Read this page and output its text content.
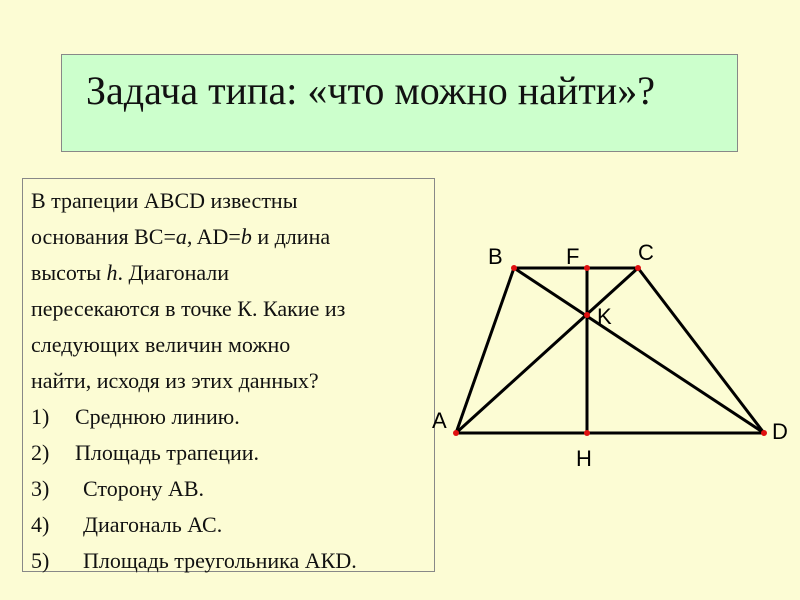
Задача типа: «что можно найти»?

В трапеции ABCD известны

основания BC=a, AD=b и длина

высоты h. Диагонали

пересекаются в точке К. Какие из

следующих величин можно

найти, исходя из этих данных?

1) Среднюю линию.

2) Площадь трапеции.

3) Сторону АВ.

4) Диагональ АС.

5) Площадь треугольника АКD.

A
B	C
D
F
K
H
